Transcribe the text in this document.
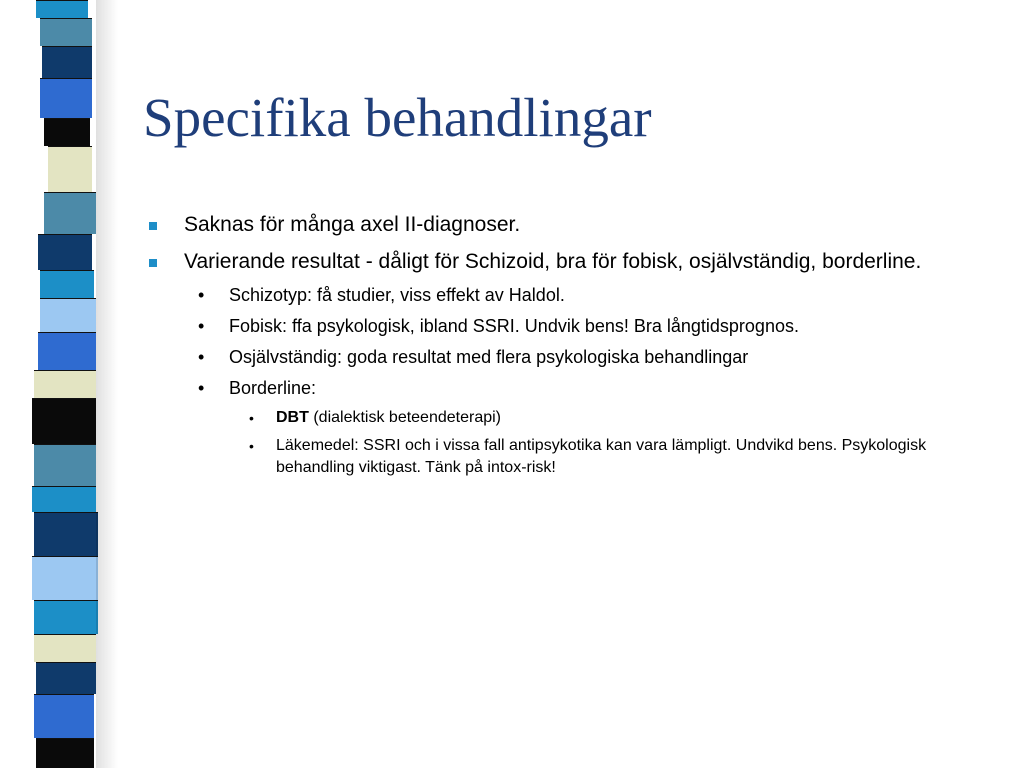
Specifika behandlingar
Saknas för många axel II-diagnoser.
Varierande resultat - dåligt för Schizoid, bra för fobisk, osjälvständig, borderline.
• Schizotyp: få studier, viss effekt av Haldol.
• Fobisk: ffa psykologisk, ibland SSRI. Undvik bens! Bra långtidsprognos.
• Osjälvständig: goda resultat med flera psykologiska behandlingar
• Borderline:
• DBT (dialektisk beteendeterapi)
• Läkemedel: SSRI och i vissa fall antipsykotika kan vara lämpligt. Undvikd bens. Psykologisk behandling viktigast. Tänk på intox-risk!
